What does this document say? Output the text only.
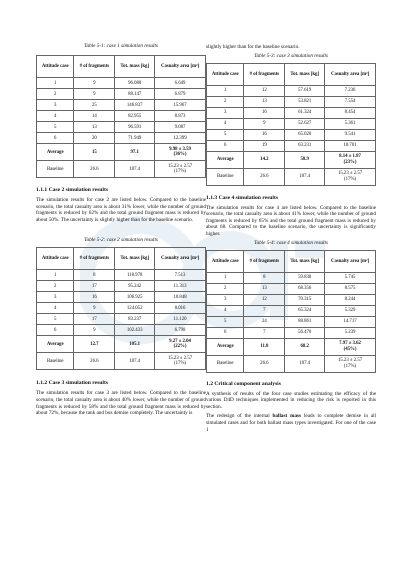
Table 5-1: case 1 simulation results

Attitude case	# of fragments	Tot. mass [kg]	Casualty area [m²]
1	9	96.080	6.649
2	9	88.147	6.879
3	25	146.837	15.967
4	14	82.955	8.873
5	13	96.591	9.087
6	20	71.949	12.399
Average	15	97.1	9.98 ± 3.59
(36%)

Baseline	26.6	187.4	15.23 ± 2.57
(17%)

1.1.1 Case 2 simulation results

The simulation results for case 2 are listed below. Compared to the baseline scenario, the total casualty area is about 31% lower, while the number of ground fragments is reduced by 62% and the total ground fragment mass is reduced by about 50%. The uncertainty is slightly higher than for the baseline scenario.

Table 5-2: case 2 simulation results

Attitude case	# of fragments	Tot. mass [kg]	Casualty area [m²]
1	8	118.978	7.513
2	17	95.242	11.313
3	16	106.925	10.848
4	9	124.052	8.016
5	17	83.237	11.120
6	9	102.433	6.798
Average	12.7	105.1	9.27 ± 2.04
(22%)

Baseline	26.6	187.4	15.23 ± 2.57
(17%)

1.1.2 Case 3 simulation results

The simulation results for case 3 are listed below. Compared to the baseline scenario, the total casualty area is about 40% lower, while the number of ground fragments is reduced by 58% and the total ground fragment mass is reduced by about 72%, because the tank and bus demise completely. The uncertainty is

slightly higher than for the baseline scenario.

Table 5-3: case 3 simulation results

Attitude case	# of fragments	Tot. mass [kg]	Casualty area [m²]
1	12	57.619	7.236
2	13	53.821	7.554
3	16	61.324	8.454
4	9	52.627	5.361
5	16	65.020	9.541
6	19	63.231	10.701
Average	14.2	58.9	8.14 ± 1.87
(23%)

Baseline	26.6	187.4	15.23 ± 2.57
(17%)

1.1.3 Case 4 simulation results

The simulation results for case 4 are listed below. Compared to the baseline scenario, the total casualty area is about 41% lower, while the number of ground fragments is reduced by 65% and the total ground fragment mass is reduced by about 68. Compared to the baseline scenario, the uncertainty is significantly higher.

Table 5-4: case 4 simulation results

Attitude case	# of fragments	Tot. mass [kg]	Casualty area [m²]
1	8	59.830	5.745
2	13	68.356	8.575
3	12	70.315	8.244
4	7	65.324	5.329
5	24	88.861	14.717
6	7	56.470	5.239
Average	11.8	68.2	7.97 ± 3.62
(45%)

Baseline	26.6	187.4	15.23 ± 2.57
(17%)

1.2 Critical component analysis

A synthesis of results of the four case studies estimating the efficacy of the various D4D techniques implemented in reducing the risk is reported in this section.

The redesign of the internal ballast mass leads to complete demise in all simulated cases and for both ballast mass types investigated. For one of the case 1
